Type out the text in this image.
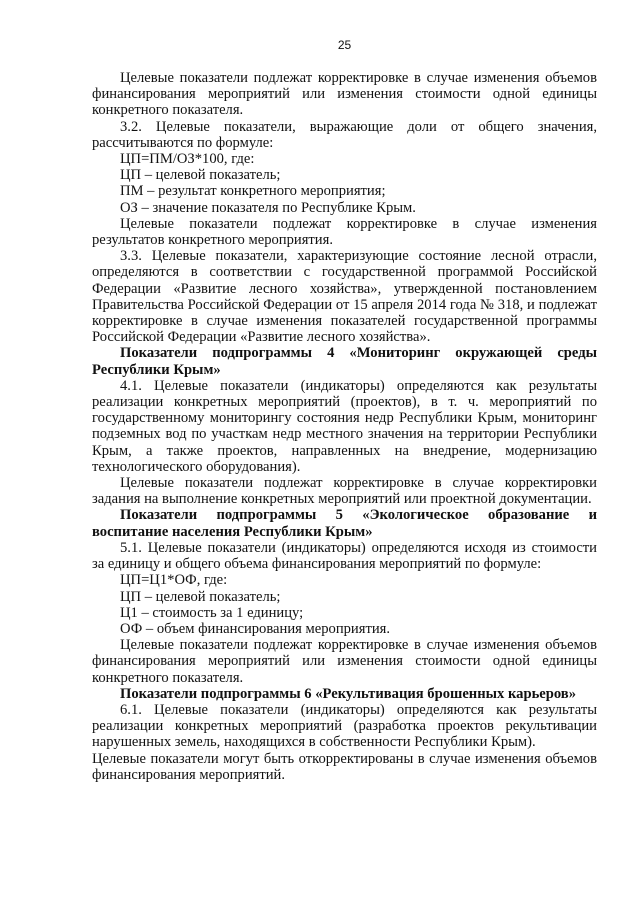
25

Целевые показатели подлежат корректировке в случае изменения объемов финансирования мероприятий или изменения стоимости одной единицы конкретного показателя.

3.2. Целевые показатели, выражающие доли от общего значения, рассчитываются по формуле:

ЦП=ПМ/ОЗ*100, где:

ЦП – целевой показатель;

ПМ – результат конкретного мероприятия;

ОЗ – значение показателя по Республике Крым.

Целевые показатели подлежат корректировке в случае изменения результатов конкретного мероприятия.

3.3. Целевые показатели, характеризующие состояние лесной отрасли, определяются в соответствии с государственной программой Российской Федерации «Развитие лесного хозяйства», утвержденной постановлением Правительства Российской Федерации от 15 апреля 2014 года № 318, и подлежат корректировке в случае изменения показателей государственной программы Российской Федерации «Развитие лесного хозяйства».

Показатели подпрограммы 4 «Мониторинг окружающей среды Республики Крым»

4.1. Целевые показатели (индикаторы) определяются как результаты реализации конкретных мероприятий (проектов), в т. ч. мероприятий по государственному мониторингу состояния недр Республики Крым, мониторинг подземных вод по участкам недр местного значения на территории Республики Крым, а также проектов, направленных на внедрение, модернизацию технологического оборудования).

Целевые показатели подлежат корректировке в случае корректировки задания на выполнение конкретных мероприятий или проектной документации.

Показатели подпрограммы 5 «Экологическое образование и воспитание населения Республики Крым»

5.1. Целевые показатели (индикаторы) определяются исходя из стоимости за единицу и общего объема финансирования мероприятий по формуле:

ЦП=Ц1*ОФ, где:

ЦП – целевой показатель;

Ц1 – стоимость за 1 единицу;

ОФ – объем финансирования мероприятия.

Целевые показатели подлежат корректировке в случае изменения объемов финансирования мероприятий или изменения стоимости одной единицы конкретного показателя.

Показатели подпрограммы 6 «Рекультивация брошенных карьеров»

6.1. Целевые показатели (индикаторы) определяются как результаты реализации конкретных мероприятий (разработка проектов рекультивации нарушенных земель, находящихся в собственности Республики Крым).

Целевые показатели могут быть откорректированы в случае изменения объемов финансирования мероприятий.
